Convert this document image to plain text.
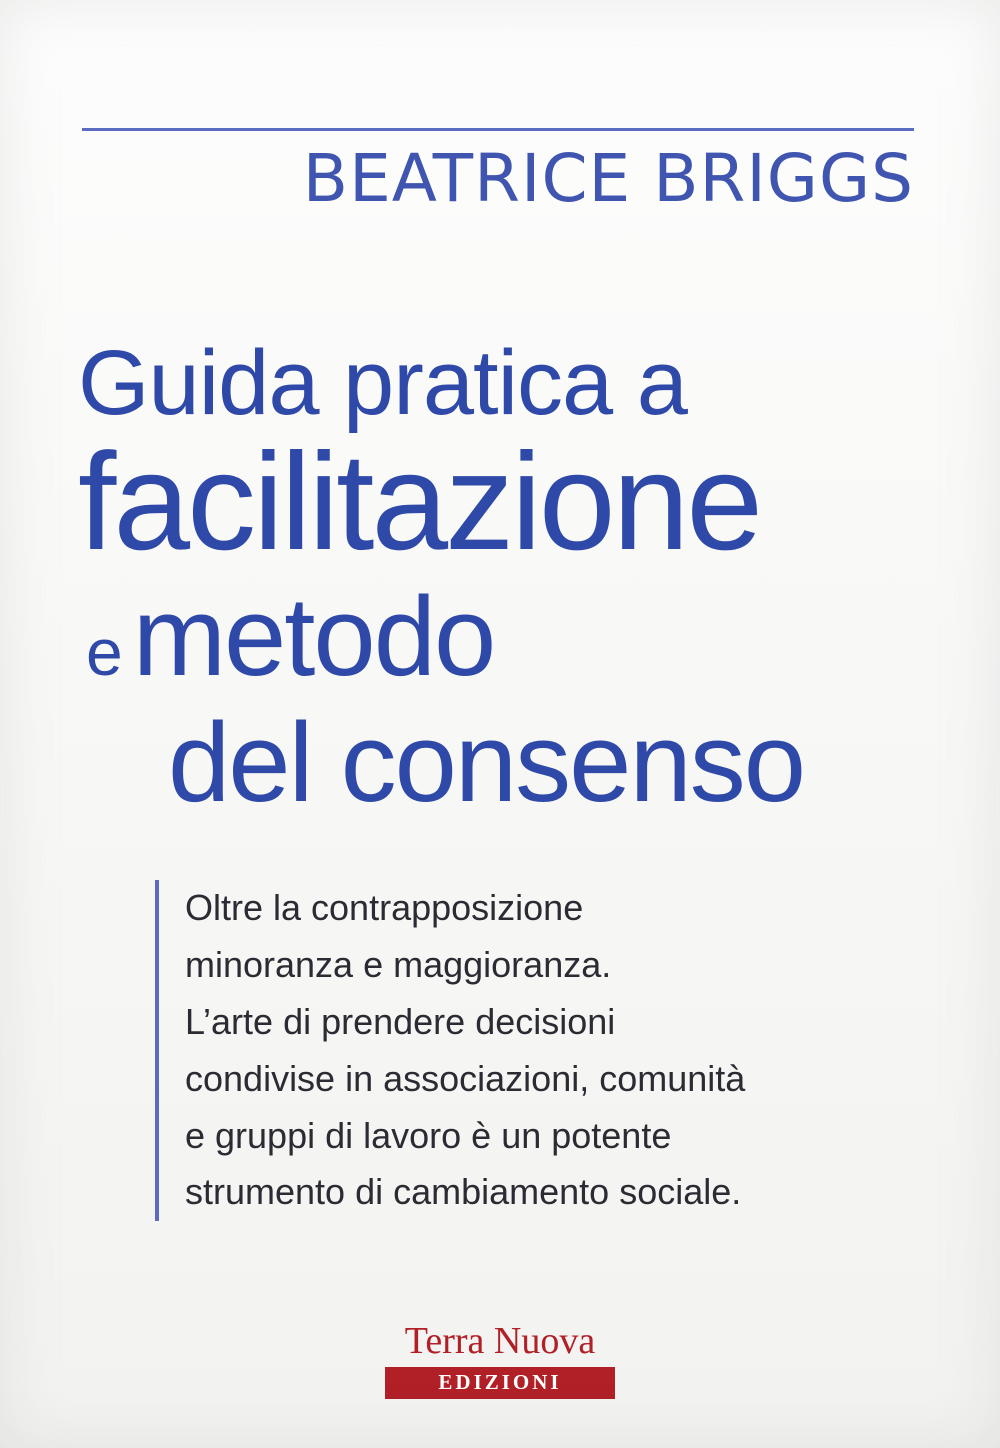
BEATRICE BRIGGS
Guida pratica a
facilitazione
e metodo
del consenso

Oltre la contrapposizione

minoranza e maggioranza.

L’arte di prendere decisioni

condivise in associazioni, comunità

e gruppi di lavoro è un potente

strumento di cambiamento sociale.

Terra Nuova
EDIZIONI
